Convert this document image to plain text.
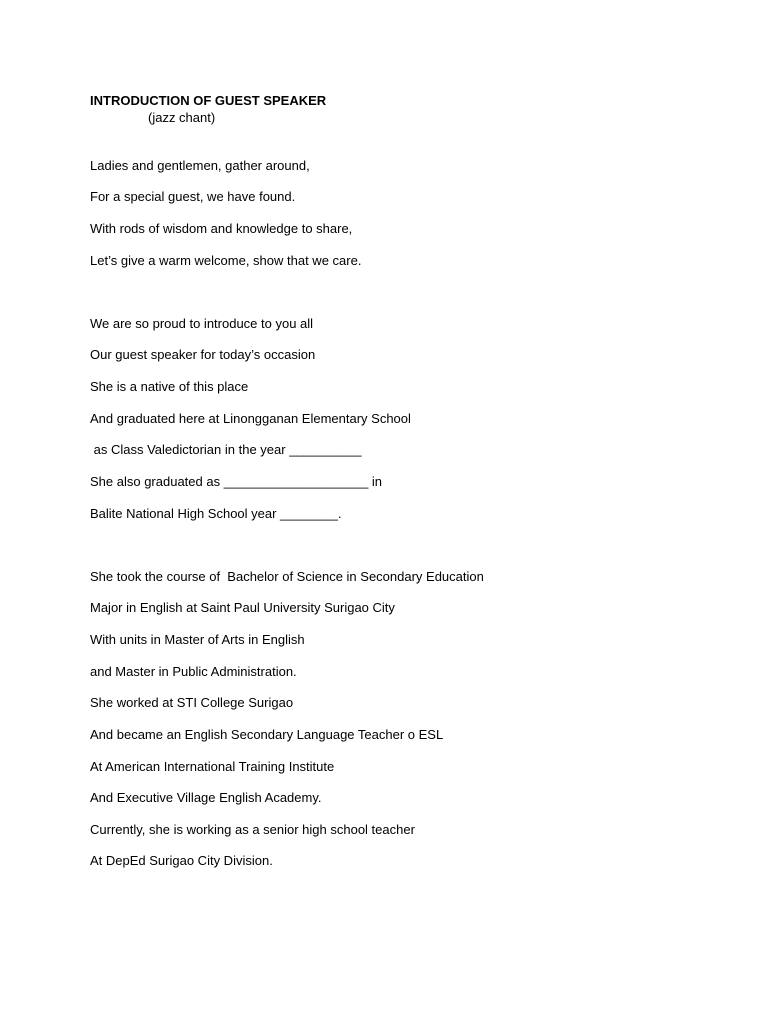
INTRODUCTION OF GUEST SPEAKER
(jazz chant)
Ladies and gentlemen, gather around,
For a special guest, we have found.
With rods of wisdom and knowledge to share,
Let’s give a warm welcome, show that we care.
We are so proud to introduce to you all
Our guest speaker for today’s occasion
She is a native of this place
And graduated here at Linongganan Elementary School
as Class Valedictorian in the year __________
She also graduated as ____________________ in
Balite National High School year ________.
She took the course of  Bachelor of Science in Secondary Education
Major in English at Saint Paul University Surigao City
With units in Master of Arts in English
and Master in Public Administration.
She worked at STI College Surigao
And became an English Secondary Language Teacher o ESL
At American International Training Institute
And Executive Village English Academy.
Currently, she is working as a senior high school teacher
At DepEd Surigao City Division.
